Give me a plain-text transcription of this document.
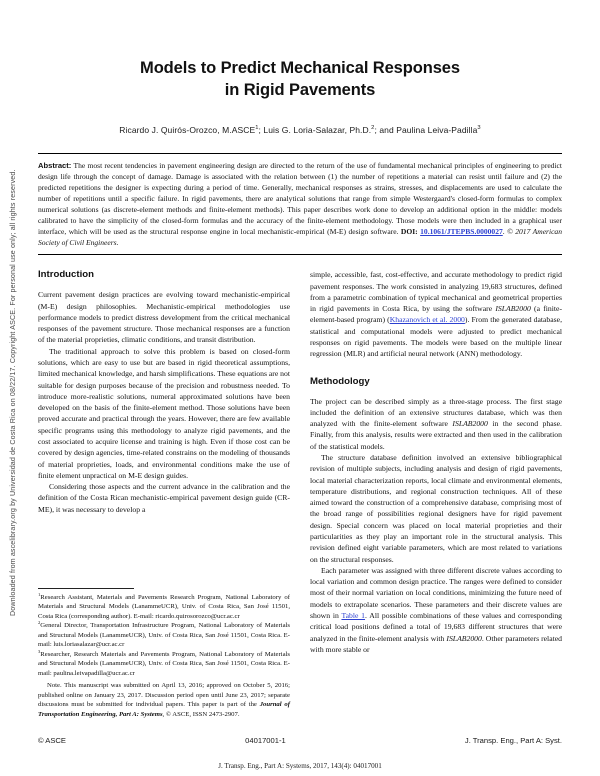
Downloaded from ascelibrary.org by Universidad de Costa Rica on 08/22/17. Copyright ASCE. For personal use only; all rights reserved.
Models to Predict Mechanical Responses
in Rigid Pavements
Ricardo J. Quirós-Orozco, M.ASCE$^1$; Luis G. Loria-Salazar, Ph.D.$^2$; and Paulina Leiva-Padilla$^3$
Abstract: The most recent tendencies in pavement engineering design are directed to the return of the use of fundamental mechanical principles of engineering to predict design life through the concept of damage. Damage is associated with the relation between (1) the number of repetitions a material can resist until failure and (2) the predicted repetitions the designer is expecting during a period of time. Generally, mechanical responses as strains, stresses, and displacements are used to calculate the number of repetitions until a specific failure. In rigid pavements, there are analytical solutions that range from simple Westergaard's closed-form formulas to complex numerical solutions (as discrete-element methods and finite-element methods). This paper describes work done to develop an additional option in the middle: models calibrated to have the simplicity of the closed-form formulas and the accuracy of the finite-element methodology. Those models were then included in a graphical user interface, which will be used as the structural response engine in local mechanistic-empirical (M-E) design software. DOI: 10.1061/JTEPBS.0000027. © 2017 American Society of Civil Engineers.
Introduction

Current pavement design practices are evolving toward mechanistic-empirical (M-E) design philosophies. Mechanistic-empirical methodologies use performance models to predict distress development from the critical mechanical responses of the pavement structure. Those mechanical responses are a function of the material proprieties, climatic conditions, and transit distribution.

The traditional approach to solve this problem is based on closed-form solutions, which are easy to use but are based in rigid theoretical assumptions, limited mechanical knowledge, and harsh simplifications. These equations are not suitable for design purposes because of the precision and robustness needed. To introduce more-realistic solutions, numeral approximated solutions have been developed on the basis of the finite-element method. Those solutions have been proved accurate and practical through the years. However, there are few available specific programs using this methodology to analyze rigid pavements, and the cost associated to acquire license and training is high. Even if those cost can be covered by design agencies, time-related constrains on the modeling of thousands of material proprieties, loads, and environmental conditions make the use of finite element unpractical on M-E design guides.

Considering those aspects and the current advance in the calibration and the definition of the Costa Rican mechanistic-empirical pavement design guide (CR-ME), it was necessary to develop a

$^1$Research Assistant, Materials and Pavements Research Program, National Laboratory of Materials and Structural Models (LanammeUCR), Univ. of Costa Rica, San José 11501, Costa Rica (corresponding author). E-mail: ricardo.quirosorozco@ucr.ac.cr

$^2$General Director, Transportation Infrastructure Program, National Laboratory of Materials and Structural Models (LanammeUCR), Univ. of Costa Rica, San José 11501, Costa Rica. E-mail: luis.loriasalazar@ucr.ac.cr

$^3$Researcher, Research Materials and Pavements Program, National Laboratory of Materials and Structural Models (LanammeUCR), Univ. of Costa Rica, San José 11501, Costa Rica. E-mail: paulina.leivapadilla@ucr.ac.cr

Note. This manuscript was submitted on April 13, 2016; approved on October 5, 2016; published online on January 23, 2017. Discussion period open until June 23, 2017; separate discussions must be submitted for individual papers. This paper is part of the Journal of Transportation Engineering, Part A: Systems, © ASCE, ISSN 2473-2907.

simple, accessible, fast, cost-effective, and accurate methodology to predict rigid pavement responses. The work consisted in analyzing 19,683 structures, defined from a parametric combination of typical mechanical and geometrical properties in rigid pavements in Costa Rica, by using the software ISLAB2000 (a finite-element-based program) (Khazanovich et al. 2000). From the generated database, statistical and computational models were adjusted to predict mechanical responses on rigid pavements. The models were based on the multiple linear regression (MLR) and artificial neural network (ANN) methodology.

Methodology

The project can be described simply as a three-stage process. The first stage included the definition of an extensive structures database, which was then analyzed with the finite-element software ISLAB2000 in the second phase. Finally, from this analysis, results were extracted and then used in the calibration of the statistical models.

The structure database definition involved an extensive bibliographical revision of multiple subjects, including analysis and design of rigid pavements, local material characterization reports, local climate and environmental elements, temperature distributions, and regional construction techniques. All of these aimed toward the construction of a comprehensive database, comprising most of the broad range of possibilities regional designers have for rigid pavement design. Special concern was placed on local material proprieties and their particularities as they play an important role in the structural analysis. This revision defined eight variable parameters, which are most related to variations on the structural responses.

Each parameter was assigned with three different discrete values according to local variation and common design practice. The ranges were defined to consider most of their normal variation on local conditions, minimizing the future need of models to extrapolate scenarios. These parameters and their discrete values are shown in Table 1. All possible combinations of these values and corresponding critical load positions defined a total of 19,683 different structures that were analyzed in the finite-element analysis with ISLAB2000. Other parameters related with more stable or

© ASCE	04017001-1	J. Transp. Eng., Part A: Syst.
J. Transp. Eng., Part A: Systems, 2017, 143(4): 04017001
